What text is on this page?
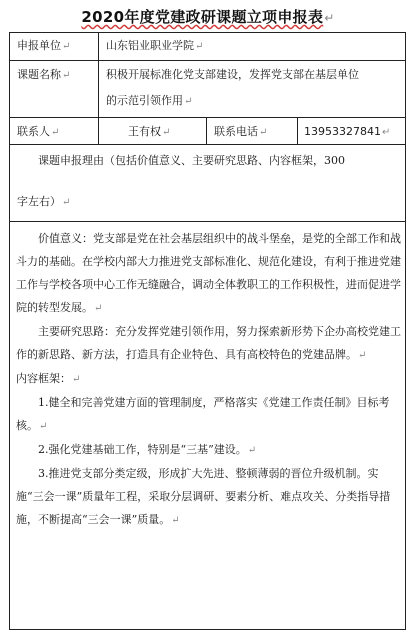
2020年度党建政研课题立项申报表↵
申报单位↵	山东铝业职业学院↵
课题名称↵	积极开展标准化党支部建设，发挥党支部在基层单位
的示范引领作用↵
联系人↵	王有权↵	联系电话↵	13953327841↵
课题申报理由（包括价值意义、主要研究思路、内容框架，300
字左右）↵

价值意义：党支部是党在社会基层组织中的战斗堡垒，是党的全部工作和战斗力的基础。在学校内部大力推进党支部标准化、规范化建设，有利于推进党建工作与学校各项中心工作无缝融合，调动全体教职工的工作积极性，进而促进学院的转型发展。↵

主要研究思路：充分发挥党建引领作用，努力探索新形势下企办高校党建工作的新思路、新方法，打造具有企业特色、具有高校特色的党建品牌。↵

内容框架：↵

1.健全和完善党建方面的管理制度，严格落实《党建工作责任制》目标考核。↵

2.强化党建基础工作，特别是“三基”建设。↵

3.推进党支部分类定级，形成扩大先进、整顿薄弱的晋位升级机制。实施“三会一课”质量年工程，采取分层调研、要素分析、难点攻关、分类指导措施，不断提高“三会一课”质量。↵
